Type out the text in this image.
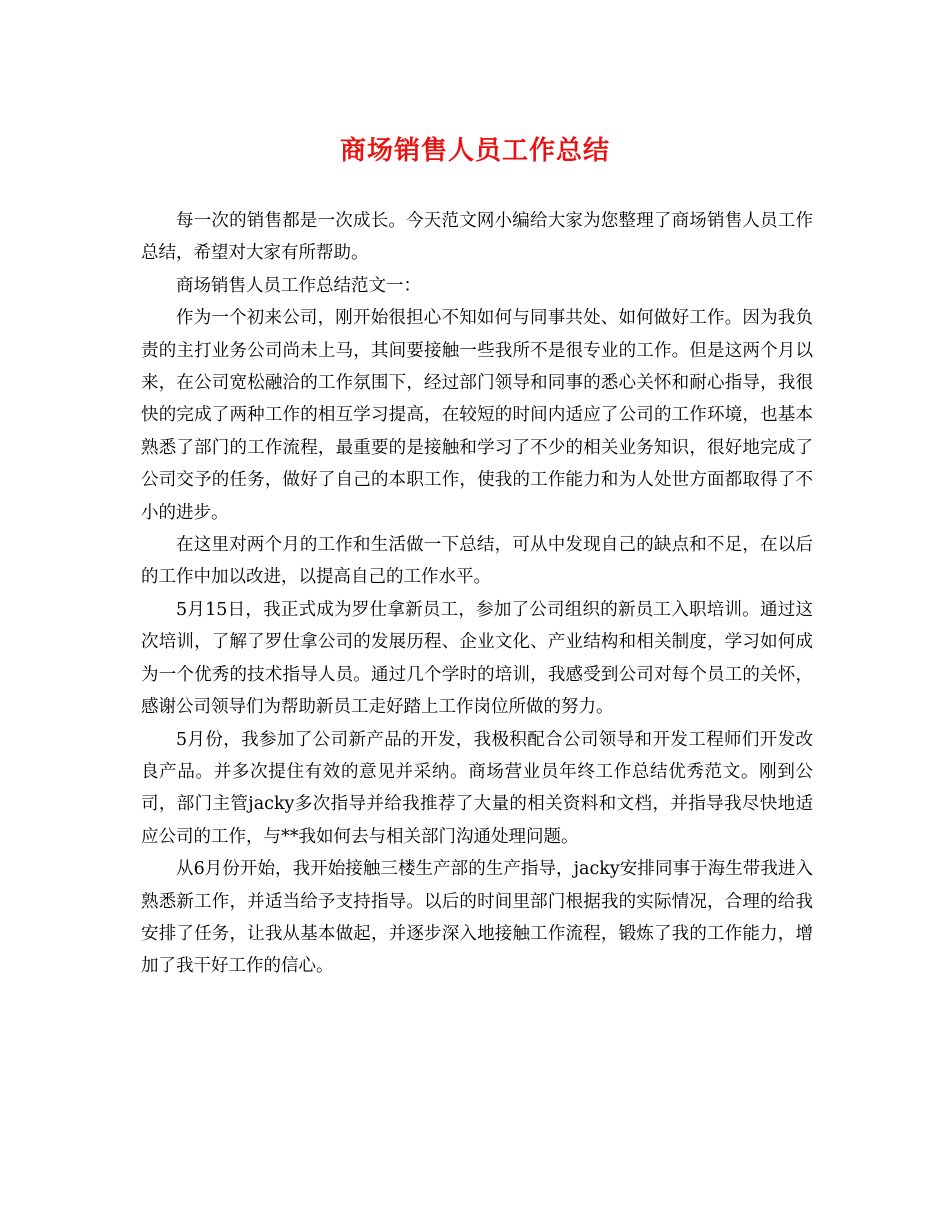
商场销售人员工作总结

每一次的销售都是一次成长。今天范文网小编给大家为您整理了商场销售人员工作总结，希望对大家有所帮助。

商场销售人员工作总结范文一：

作为一个初来公司，刚开始很担心不知如何与同事共处、如何做好工作。因为我负责的主打业务公司尚未上马，其间要接触一些我所不是很专业的工作。但是这两个月以来，在公司宽松融洽的工作氛围下，经过部门领导和同事的悉心关怀和耐心指导，我很快的完成了两种工作的相互学习提高，在较短的时间内适应了公司的工作环境，也基本熟悉了部门的工作流程，最重要的是接触和学习了不少的相关业务知识，很好地完成了公司交予的任务，做好了自己的本职工作，使我的工作能力和为人处世方面都取得了不小的进步。

在这里对两个月的工作和生活做一下总结，可从中发现自己的缺点和不足，在以后的工作中加以改进，以提高自己的工作水平。

5月15日，我正式成为罗仕拿新员工，参加了公司组织的新员工入职培训。通过这次培训，了解了罗仕拿公司的发展历程、企业文化、产业结构和相关制度，学习如何成为一个优秀的技术指导人员。通过几个学时的培训，我感受到公司对每个员工的关怀，感谢公司领导们为帮助新员工走好踏上工作岗位所做的努力。

5月份，我参加了公司新产品的开发，我极积配合公司领导和开发工程师们开发改良产品。并多次提住有效的意见并采纳。商场营业员年终工作总结优秀范文。刚到公司，部门主管jacky多次指导并给我推荐了大量的相关资料和文档，并指导我尽快地适应公司的工作，与**我如何去与相关部门沟通处理问题。

从6月份开始，我开始接触三楼生产部的生产指导，jacky安排同事于海生带我进入熟悉新工作，并适当给予支持指导。以后的时间里部门根据我的实际情况，合理的给我安排了任务，让我从基本做起，并逐步深入地接触工作流程，锻炼了我的工作能力，增加了我干好工作的信心。
